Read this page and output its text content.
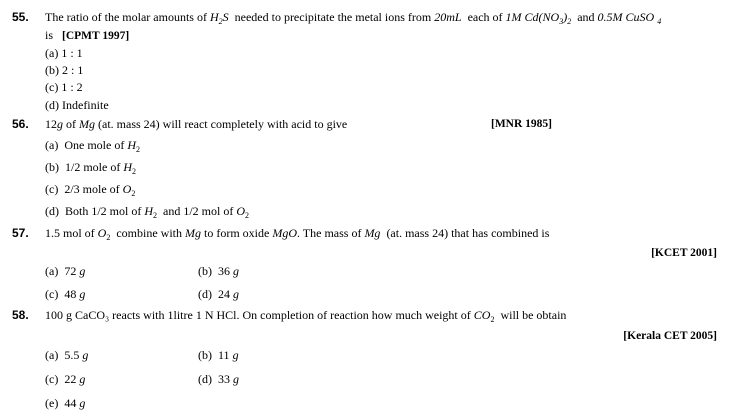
55. The ratio of the molar amounts of $H_2S$ needed to precipitate the metal ions from 20mL each of 1M $Cd(NO_3)_2$ and 0.5M CuSO $_4$
is [CPMT 1997]
(a) 1 : 1
(b) 2 : 1
(c) 1 : 2
(d) Indefinite
56. 12g of Mg (at. mass 24) will react completely with acid to give	[MNR 1985]
(a) One mole of $H_2$
(b) 1/2 mole of $H_2$
(c) 2/3 mole of $O_2$
(d) Both 1/2 mol of $H_2$ and 1/2 mol of $O_2$
57. 1.5 mol of $O_2$ combine with Mg to form oxide MgO. The mass of Mg (at. mass 24) that has combined is
[KCET 2001]
(a) 72 g	(b) 36 g
(c) 48 g	(d) 24 g
58. 100 g CaCO₃ reacts with 1litre 1 N HCl. On completion of reaction how much weight of $CO_2$ will be obtain
[Kerala CET 2005]
(a) 5.5 g	(b) 11 g
(c) 22 g	(d) 33 g
(e) 44 g
